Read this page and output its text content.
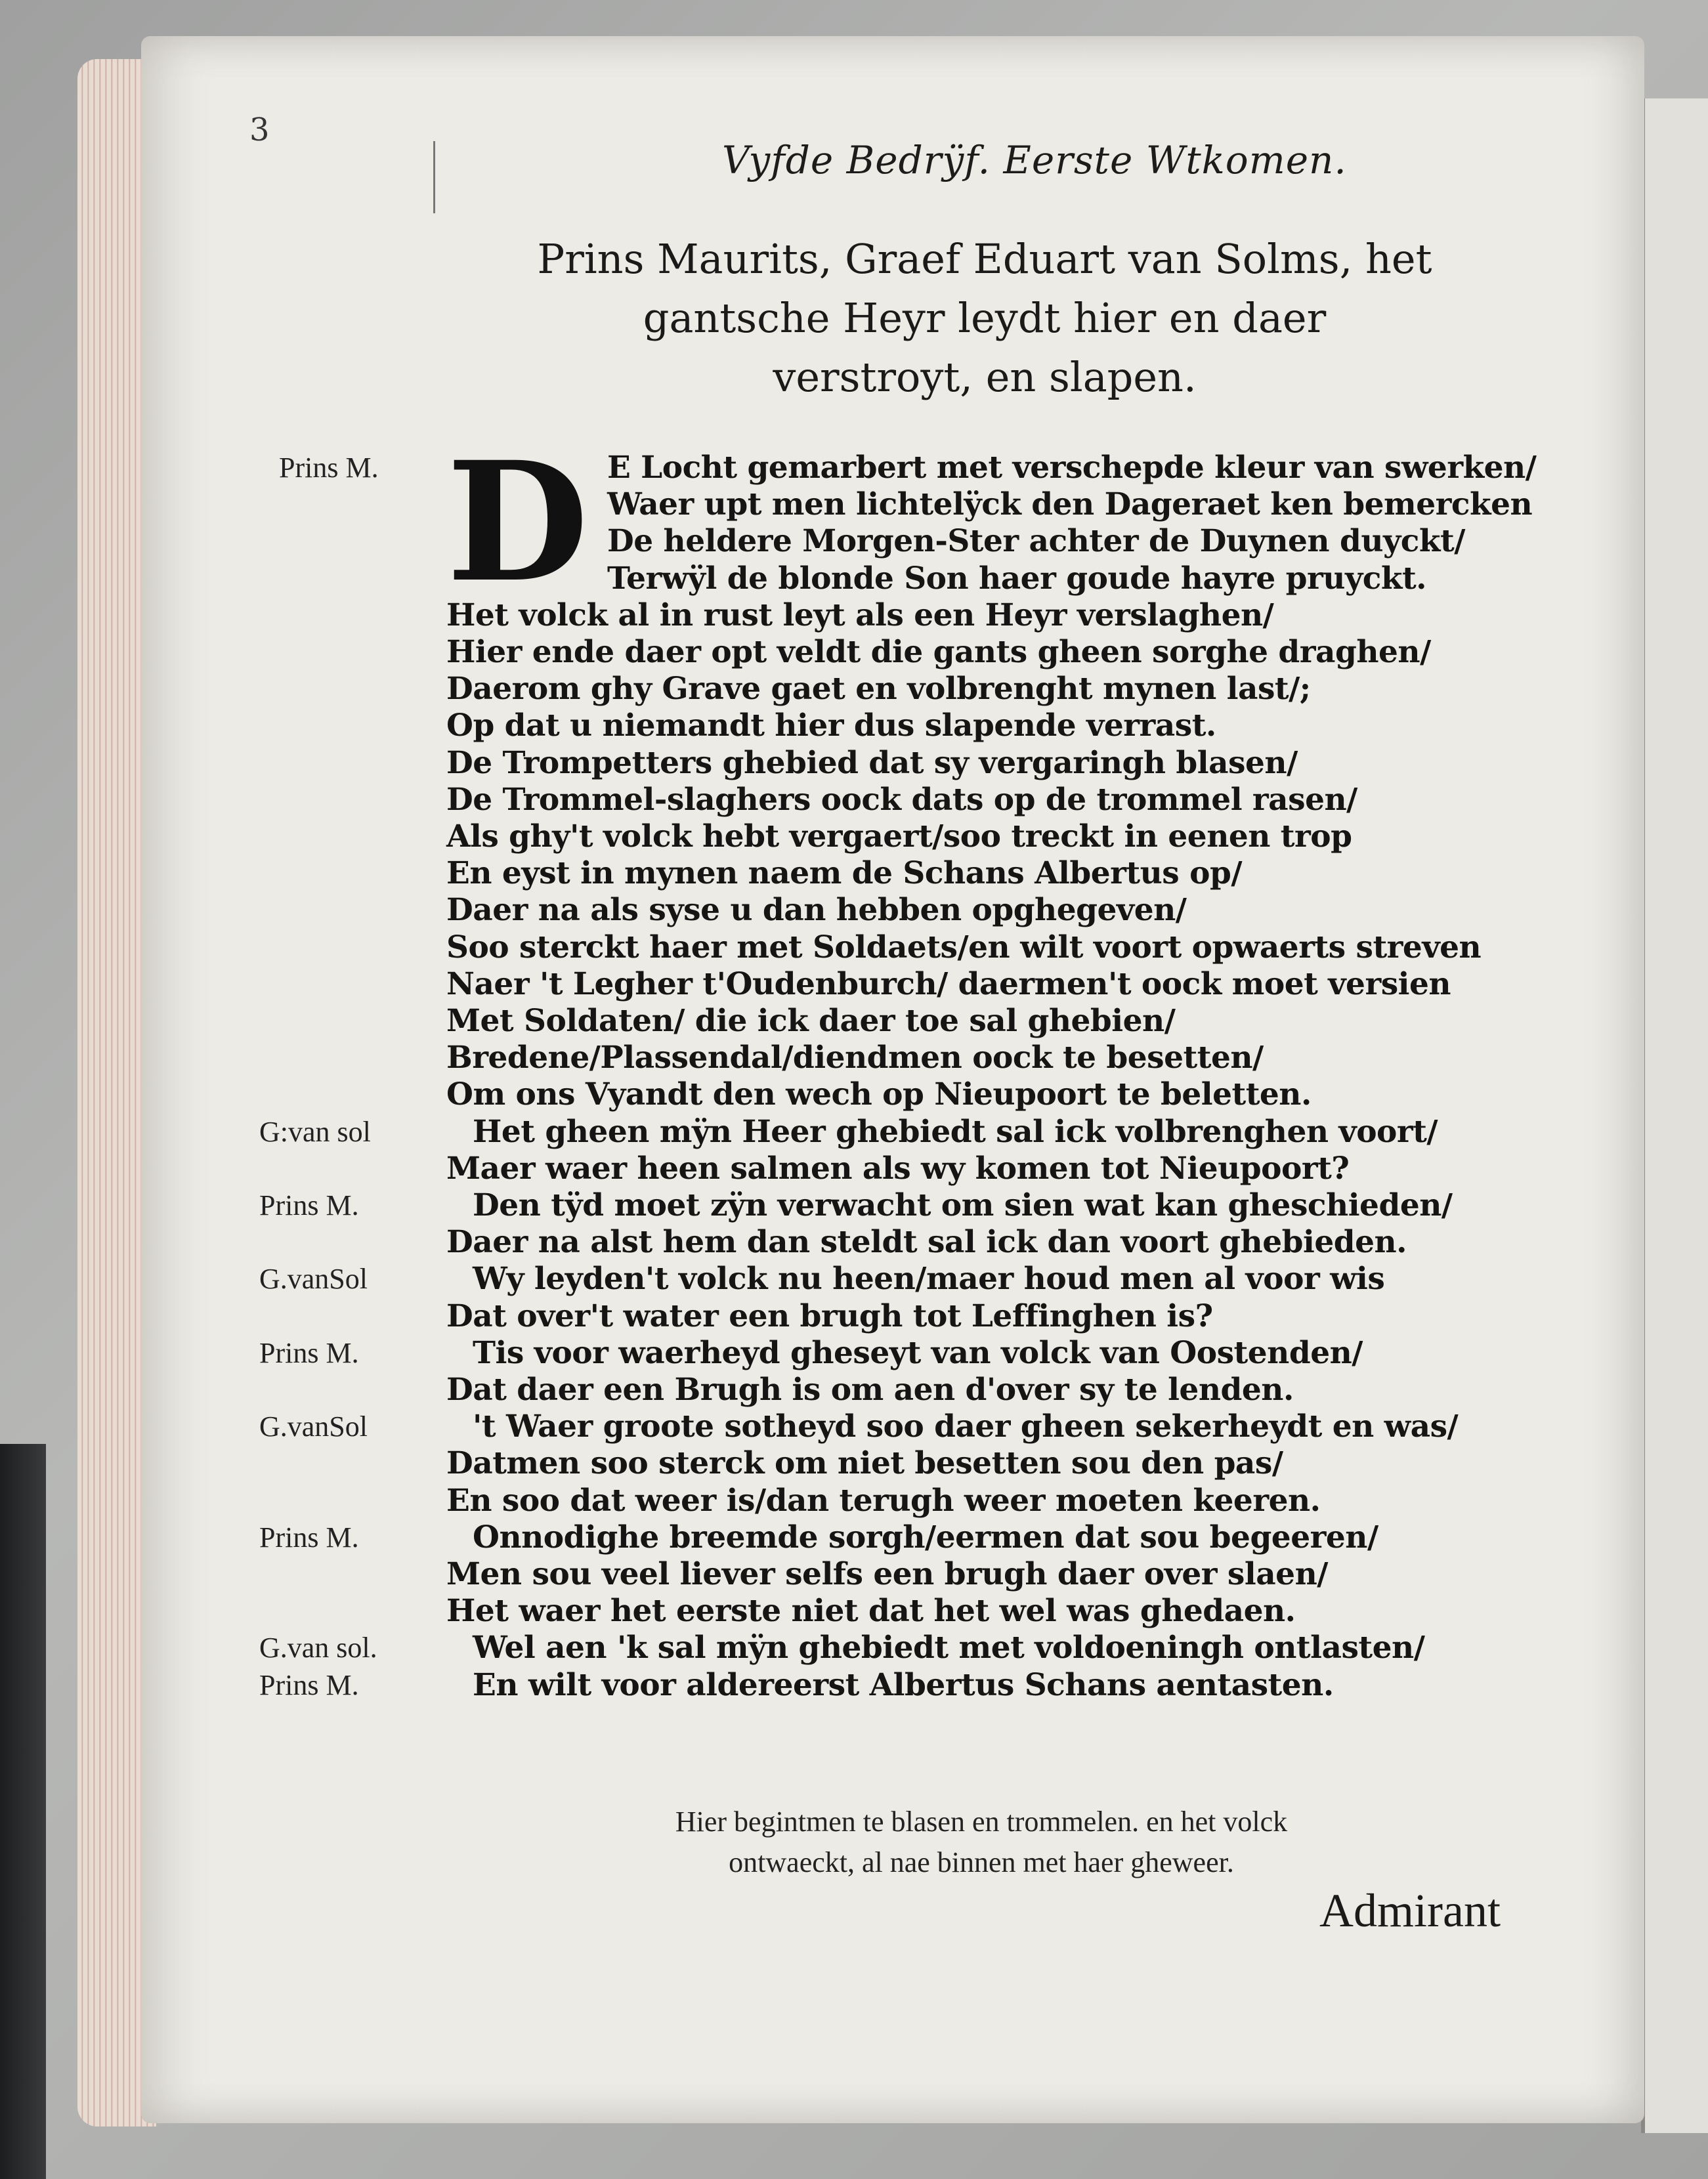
3
Vyfde Bedrÿf. Eerste Wtkomen.
Prins Maurits, Graef Eduart van Solms, het
gantsche Heyr leydt hier en daer
verstroyt, en slapen.
D E Locht gemarbert met verschepde kleur van swerken/
Prins M.
Waer upt men lichtelÿck den Dageraet ken bemercken
De heldere Morgen-Ster achter de Duynen duyckt/
Terwÿl de blonde Son haer goude hayre pruyckt.
Het volck al in rust leyt als een Heyr verslaghen/
Hier ende daer opt veldt die gants gheen sorghe draghen/
Daerom ghy Grave gaet en volbrenght mynen last/;
Op dat u niemandt hier dus slapende verrast.
De Trompetters ghebied dat sy vergaringh blasen/
De Trommel-slaghers oock dats op de trommel rasen/
Als ghy't volck hebt vergaert/soo treckt in eenen trop
En eyst in mynen naem de Schans Albertus op/
Daer na als syse u dan hebben opghegeven/
Soo sterckt haer met Soldaets/en wilt voort opwaerts streven
Naer 't Legher t'Oudenburch/ daermen't oock moet versien
Met Soldaten/ die ick daer toe sal ghebien/
Bredene/Plassendal/diendmen oock te besetten/
Om ons Vyandt den wech op Nieupoort te beletten.
Het gheen mÿn Heer ghebiedt sal ick volbrenghen voort/
G:van sol
Maer waer heen salmen als wy komen tot Nieupoort?
Den tÿd moet zÿn verwacht om sien wat kan gheschieden/
Prins M.
Daer na alst hem dan steldt sal ick dan voort ghebieden.
Wy leyden't volck nu heen/maer houd men al voor wis
G.vanSol
Dat over't water een brugh tot Leffinghen is?
Tis voor waerheyd gheseyt van volck van Oostenden/
Prins M.
Dat daer een Brugh is om aen d'over sy te lenden.
't Waer groote sotheyd soo daer gheen sekerheydt en was/
G.vanSol
Datmen soo sterck om niet besetten sou den pas/
En soo dat weer is/dan terugh weer moeten keeren.
Onnodighe breemde sorgh/eermen dat sou begeeren/
Prins M.
Men sou veel liever selfs een brugh daer over slaen/
Het waer het eerste niet dat het wel was ghedaen.
Wel aen 'k sal mÿn ghebiedt met voldoeningh ontlasten/
G.van sol.
En wilt voor aldereerst Albertus Schans aentasten.
Prins M.
Hier begintmen te blasen en trommelen. en het volck
ontwaeckt, al nae binnen met haer gheweer.
Admirant
